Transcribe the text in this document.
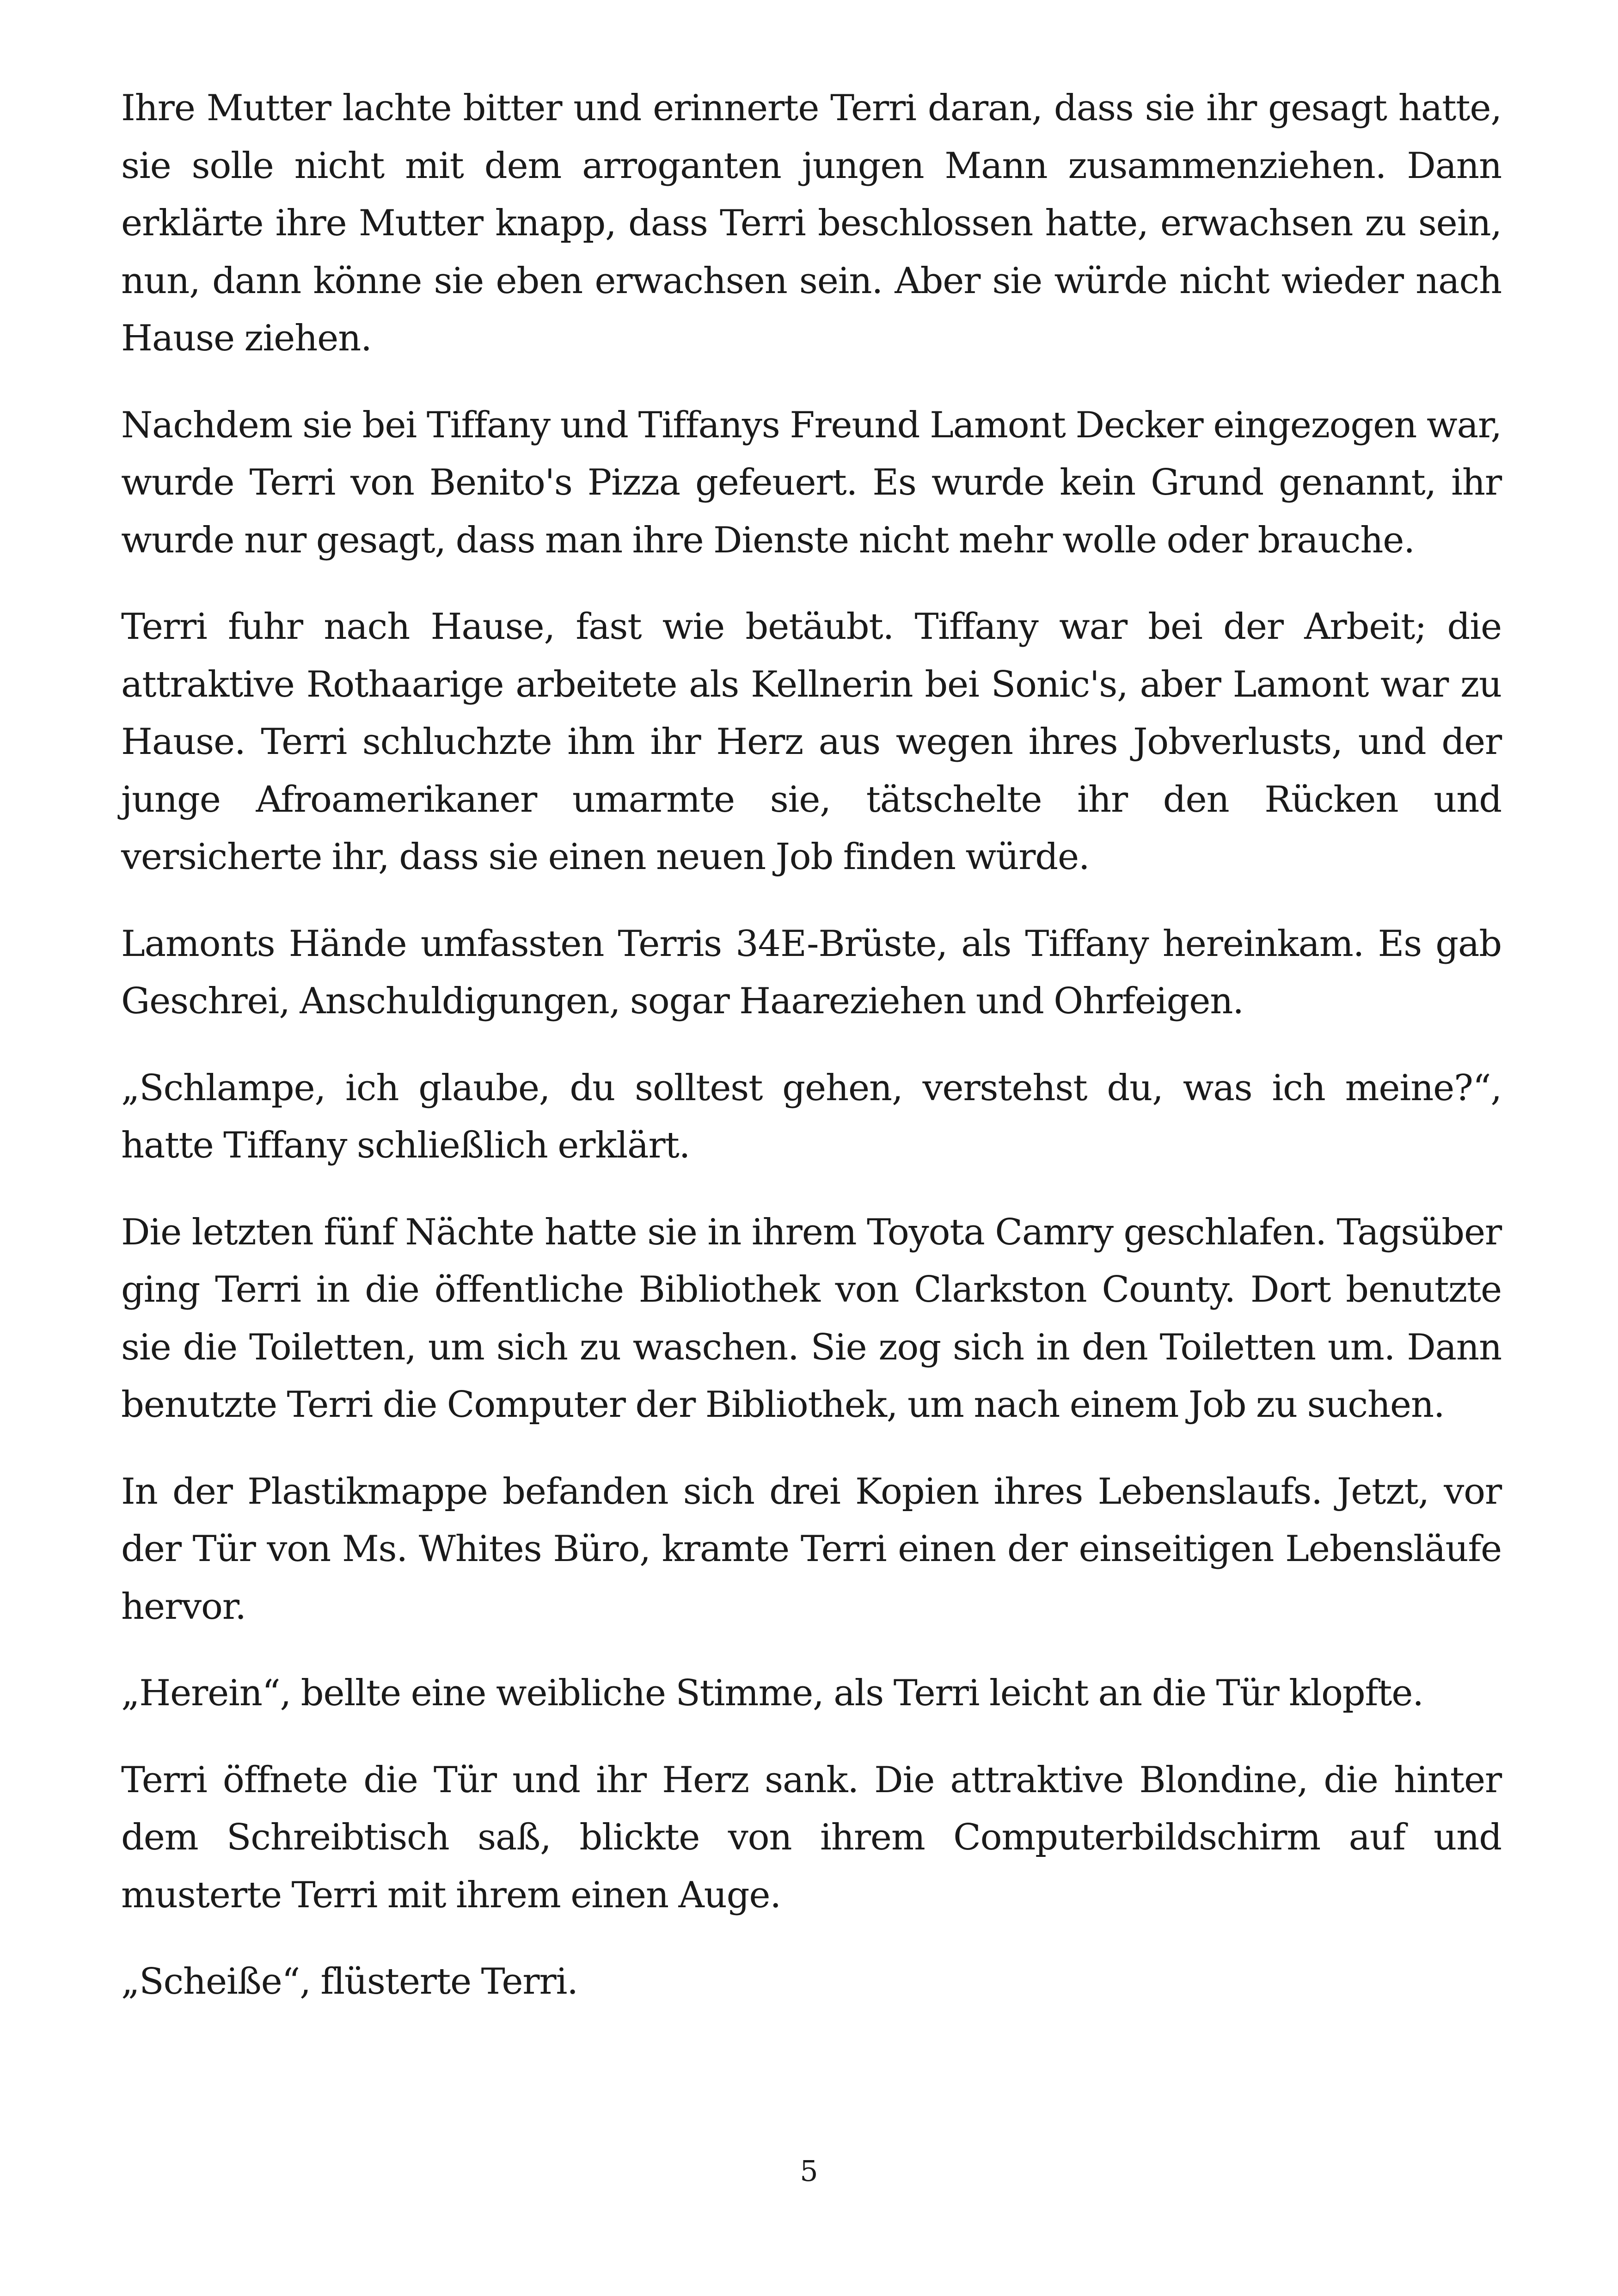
Ihre Mutter lachte bitter und erinnerte Terri daran, dass sie ihr gesagt hatte, sie solle nicht mit dem arroganten jungen Mann zusammenziehen. Dann erklärte ihre Mutter knapp, dass Terri beschlossen hatte, erwachsen zu sein, nun, dann könne sie eben erwachsen sein. Aber sie würde nicht wieder nach Hause ziehen.

Nachdem sie bei Tiffany und Tiffanys Freund Lamont Decker eingezogen war, wurde Terri von Benito's Pizza gefeuert. Es wurde kein Grund genannt, ihr wurde nur gesagt, dass man ihre Dienste nicht mehr wolle oder brauche.

Terri fuhr nach Hause, fast wie betäubt. Tiffany war bei der Arbeit; die attraktive Rothaarige arbeitete als Kellnerin bei Sonic's, aber Lamont war zu Hause. Terri schluchzte ihm ihr Herz aus wegen ihres Jobverlusts, und der junge Afroamerikaner umarmte sie, tätschelte ihr den Rücken und versicherte ihr, dass sie einen neuen Job finden würde.

Lamonts Hände umfassten Terris 34E-Brüste, als Tiffany hereinkam. Es gab Geschrei, Anschuldigungen, sogar Haareziehen und Ohrfeigen.

„Schlampe, ich glaube, du solltest gehen, verstehst du, was ich meine?“, hatte Tiffany schließlich erklärt.

Die letzten fünf Nächte hatte sie in ihrem Toyota Camry geschlafen. Tagsüber ging Terri in die öffentliche Bibliothek von Clarkston County. Dort benutzte sie die Toiletten, um sich zu waschen. Sie zog sich in den Toiletten um. Dann benutzte Terri die Computer der Bibliothek, um nach einem Job zu suchen.

In der Plastikmappe befanden sich drei Kopien ihres Lebenslaufs. Jetzt, vor der Tür von Ms. Whites Büro, kramte Terri einen der einseitigen Lebensläufe hervor.

„Herein“, bellte eine weibliche Stimme, als Terri leicht an die Tür klopfte.

Terri öffnete die Tür und ihr Herz sank. Die attraktive Blondine, die hinter dem Schreibtisch saß, blickte von ihrem Computerbildschirm auf und musterte Terri mit ihrem einen Auge.

„Scheiße“, flüsterte Terri.

5
